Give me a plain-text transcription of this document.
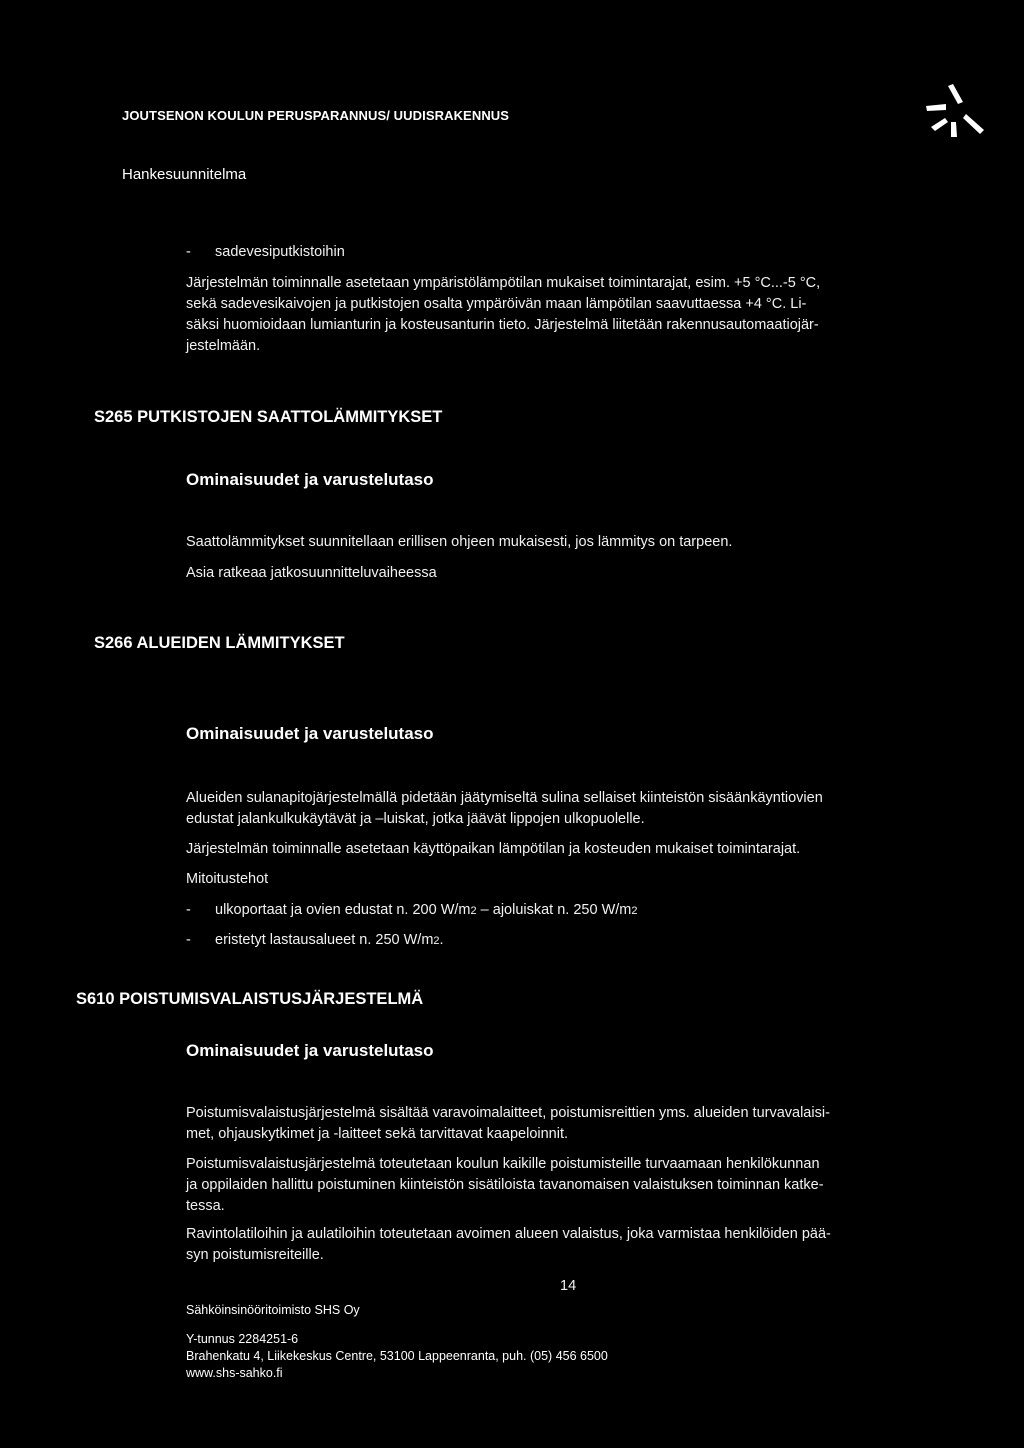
JOUTSENON KOULUN PERUSPARANNUS/ UUDISRAKENNUS
Hankesuunnitelma
- sadevesiputkistoihin
Järjestelmän toiminnalle asetetaan ympäristölämpötilan mukaiset toimintarajat, esim. +5 °C...-5 °C,
sekä sadevesikaivojen ja putkistojen osalta ympäröivän maan lämpötilan saavuttaessa +4 °C. Li-
säksi huomioidaan lumianturin ja kosteusanturin tieto. Järjestelmä liitetään rakennusautomaatiojär-
jestelmään.
S265 PUTKISTOJEN SAATTOLÄMMITYKSET
Ominaisuudet ja varustelutaso
Saattolämmitykset suunnitellaan erillisen ohjeen mukaisesti, jos lämmitys on tarpeen.
Asia ratkeaa jatkosuunnitteluvaiheessa
S266 ALUEIDEN LÄMMITYKSET
Ominaisuudet ja varustelutaso
Alueiden sulanapitojärjestelmällä pidetään jäätymiseltä sulina sellaiset kiinteistön sisäänkäyntiovien
edustat jalankulkukäytävät ja –luiskat, jotka jäävät lippojen ulkopuolelle.
Järjestelmän toiminnalle asetetaan käyttöpaikan lämpötilan ja kosteuden mukaiset toimintarajat.
Mitoitustehot
- ulkoportaat ja ovien edustat n. 200 W/m2 – ajoluiskat n. 250 W/m2
- eristetyt lastausalueet n. 250 W/m2.
S610 POISTUMISVALAISTUSJÄRJESTELMÄ
Ominaisuudet ja varustelutaso
Poistumisvalaistusjärjestelmä sisältää varavoimalaitteet, poistumisreittien yms. alueiden turvavalaisi-
met, ohjauskytkimet ja -laitteet sekä tarvittavat kaapeloinnit.
Poistumisvalaistusjärjestelmä toteutetaan koulun kaikille poistumisteille turvaamaan henkilökunnan
ja oppilaiden hallittu poistuminen kiinteistön sisätiloista tavanomaisen valaistuksen toiminnan katke-
tessa.
Ravintolatiloihin ja aulatiloihin toteutetaan avoimen alueen valaistus, joka varmistaa henkilöiden pää-
syn poistumisreiteille.
14
Sähköinsinööritoimisto SHS Oy
Y-tunnus 2284251-6
Brahenkatu 4, Liikekeskus Centre, 53100 Lappeenranta, puh. (05) 456 6500
www.shs-sahko.fi
